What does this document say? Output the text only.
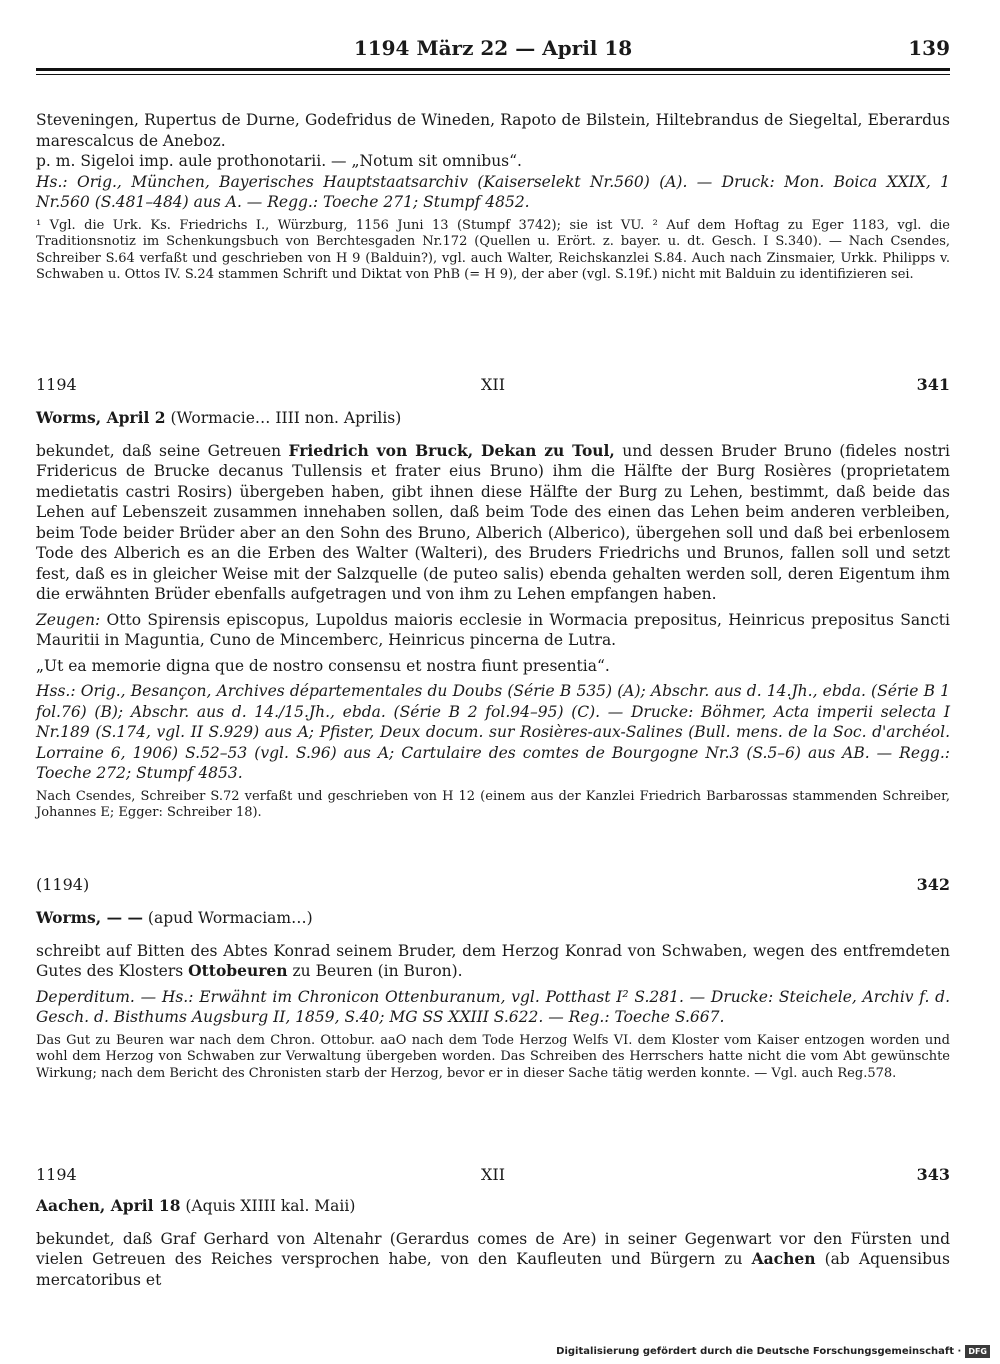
1194 März 22 — April 18	139

Steveningen, Rupertus de Durne, Godefridus de Wineden, Rapoto de Bilstein, Hiltebrandus de Siegeltal, Eberardus marescalcus de Aneboz.

p. m. Sigeloi imp. aule prothonotarii. — „Notum sit omnibus“.

Hs.: Orig., München, Bayerisches Hauptstaatsarchiv (Kaiserselekt Nr.560) (A). — Druck: Mon. Boica XXIX, 1 Nr.560 (S.481–484) aus A. — Regg.: Toeche 271; Stumpf 4852.

¹ Vgl. die Urk. Ks. Friedrichs I., Würzburg, 1156 Juni 13 (Stumpf 3742); sie ist VU. ² Auf dem Hoftag zu Eger 1183, vgl. die Traditionsnotiz im Schenkungsbuch von Berchtesgaden Nr.172 (Quellen u. Erört. z. bayer. u. dt. Gesch. I S.340). — Nach Csendes, Schreiber S.64 verfaßt und geschrieben von H 9 (Balduin?), vgl. auch Walter, Reichskanzlei S.84. Auch nach Zinsmaier, Urkk. Philipps v. Schwaben u. Ottos IV. S.24 stammen Schrift und Diktat von PhB (= H 9), der aber (vgl. S.19f.) nicht mit Balduin zu identifizieren sei.

1194	XII	341

Worms, April 2 (Wormacie… IIII non. Aprilis)

bekundet, daß seine Getreuen Friedrich von Bruck, Dekan zu Toul, und dessen Bruder Bruno (fideles nostri Fridericus de Brucke decanus Tullensis et frater eius Bruno) ihm die Hälfte der Burg Rosières (proprietatem medietatis castri Rosirs) übergeben haben, gibt ihnen diese Hälfte der Burg zu Lehen, bestimmt, daß beide das Lehen auf Lebenszeit zusammen innehaben sollen, daß beim Tode des einen das Lehen beim anderen verbleiben, beim Tode beider Brüder aber an den Sohn des Bruno, Alberich (Alberico), übergehen soll und daß bei erbenlosem Tode des Alberich es an die Erben des Walter (Walteri), des Bruders Friedrichs und Brunos, fallen soll und setzt fest, daß es in gleicher Weise mit der Salzquelle (de puteo salis) ebenda gehalten werden soll, deren Eigentum ihm die erwähnten Brüder ebenfalls aufgetragen und von ihm zu Lehen empfangen haben.

Zeugen: Otto Spirensis episcopus, Lupoldus maioris ecclesie in Wormacia prepositus, Heinricus prepositus Sancti Mauritii in Maguntia, Cuno de Mincemberc, Heinricus pincerna de Lutra.

„Ut ea memorie digna que de nostro consensu et nostra fiunt presentia“.

Hss.: Orig., Besançon, Archives départementales du Doubs (Série B 535) (A); Abschr. aus d. 14.Jh., ebda. (Série B 1 fol.76) (B); Abschr. aus d. 14./15.Jh., ebda. (Série B 2 fol.94–95) (C). — Drucke: Böhmer, Acta imperii selecta I Nr.189 (S.174, vgl. II S.929) aus A; Pfister, Deux docum. sur Rosières-aux-Salines (Bull. mens. de la Soc. d'archéol. Lorraine 6, 1906) S.52–53 (vgl. S.96) aus A; Cartulaire des comtes de Bourgogne Nr.3 (S.5–6) aus AB. — Regg.: Toeche 272; Stumpf 4853.

Nach Csendes, Schreiber S.72 verfaßt und geschrieben von H 12 (einem aus der Kanzlei Friedrich Barbarossas stammenden Schreiber, Johannes E; Egger: Schreiber 18).

(1194)	342

Worms, — — (apud Wormaciam…)

schreibt auf Bitten des Abtes Konrad seinem Bruder, dem Herzog Konrad von Schwaben, wegen des entfremdeten Gutes des Klosters Ottobeuren zu Beuren (in Buron).

Deperditum. — Hs.: Erwähnt im Chronicon Ottenburanum, vgl. Potthast I² S.281. — Drucke: Steichele, Archiv f. d. Gesch. d. Bisthums Augsburg II, 1859, S.40; MG SS XXIII S.622. — Reg.: Toeche S.667.

Das Gut zu Beuren war nach dem Chron. Ottobur. aaO nach dem Tode Herzog Welfs VI. dem Kloster vom Kaiser entzogen worden und wohl dem Herzog von Schwaben zur Verwaltung übergeben worden. Das Schreiben des Herrschers hatte nicht die vom Abt gewünschte Wirkung; nach dem Bericht des Chronisten starb der Herzog, bevor er in dieser Sache tätig werden konnte. — Vgl. auch Reg.578.

1194	XII	343

Aachen, April 18 (Aquis XIIII kal. Maii)

bekundet, daß Graf Gerhard von Altenahr (Gerardus comes de Are) in seiner Gegenwart vor den Fürsten und vielen Getreuen des Reiches versprochen habe, von den Kaufleuten und Bürgern zu Aachen (ab Aquensibus mercatoribus et

Digitalisierung gefördert durch die Deutsche Forschungsgemeinschaft · DFG
